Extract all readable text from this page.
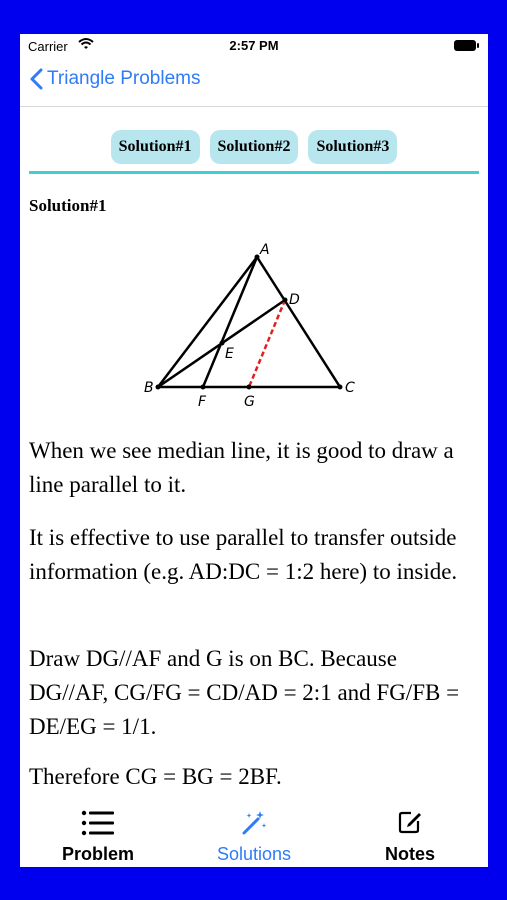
Carrier	2:57 PM
Triangle Problems
Solution#1	Solution#2	Solution#3
Solution#1
A
B	C
D
E
F	G
When we see median line, it is good to draw a line parallel to it.
It is effective to use parallel to transfer outside information (e.g. AD:DC = 1:2 here) to inside.
Draw DG//AF and G is on BC. Because DG//AF, CG/FG = CD/AD = 2:1 and FG/FB = DE/EG = 1/1.
Therefore CG = BG = 2BF.
Problem	Solutions	Notes
